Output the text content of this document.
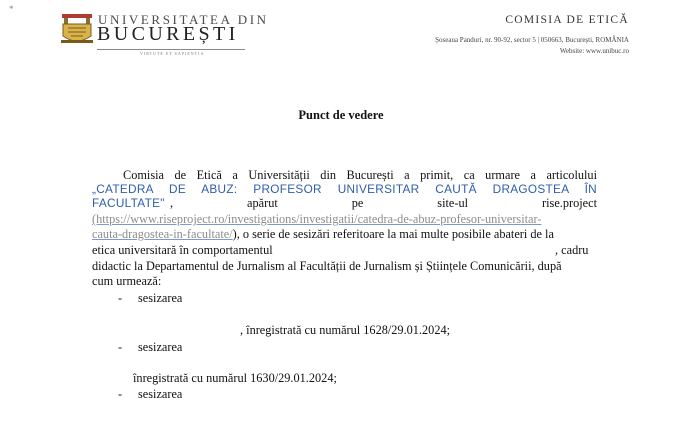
*
UNIVERSITATEA DIN
BUCUREȘTI
VIRTUTE ET SAPIENTIA
COMISIA DE ETICĂ
Șoseaua Panduri, nr. 90-92, sector 5 | 050663, București, ROMÂNIA
Website: www.unibuc.ro
Punct de vedere
Comisia de Etică a Universității din București a primit, ca urmare a articolului
„CATEDRA DE ABUZ: PROFESOR UNIVERSITAR CAUTĂ DRAGOSTEA ÎN
FACULTATE" , apărut pe site-ul rise.project
(https://www.riseproject.ro/investigations/investigatii/catedra-de-abuz-profesor-universitar-
cauta-dragostea-in-facultate/), o serie de sesizări referitoare la mai multe posibile abateri de la
etica universitară în comportamentul	, cadru
didactic la Departamentul de Jurnalism al Facultății de Jurnalism și Științele Comunicării, după
cum urmează:
- sesizarea
, înregistrată cu numărul 1628/29.01.2024;
- sesizarea
înregistrată cu numărul 1630/29.01.2024;
- sesizarea
